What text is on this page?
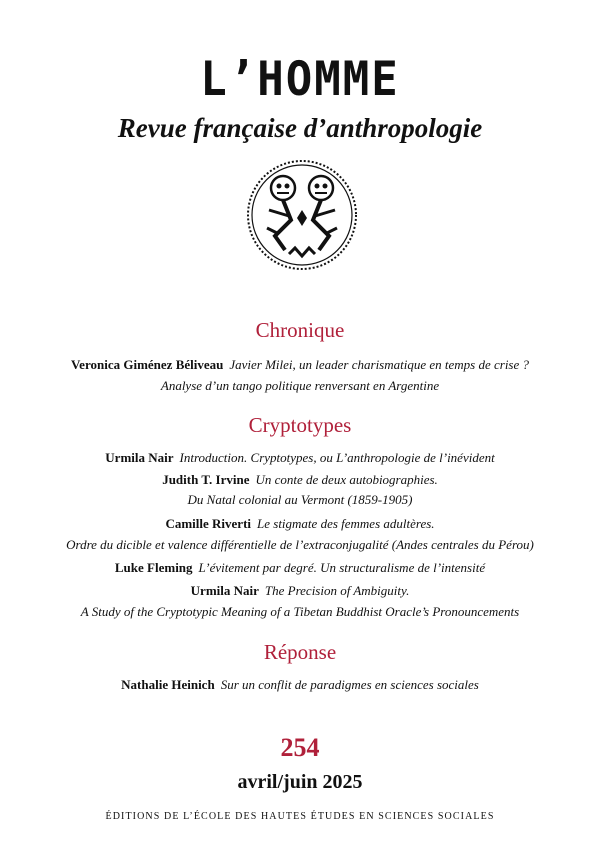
L’HOMME
Revue française d’anthropologie
Chronique
Veronica Giménez Béliveau Javier Milei, un leader charismatique en temps de crise ?
Analyse d’un tango politique renversant en Argentine
Cryptotypes
Urmila Nair Introduction. Cryptotypes, ou L’anthropologie de l’inévident
Judith T. Irvine Un conte de deux autobiographies.
Du Natal colonial au Vermont (1859-1905)
Camille Riverti Le stigmate des femmes adultères.
Ordre du dicible et valence différentielle de l’extraconjugalité (Andes centrales du Pérou)
Luke Fleming L’évitement par degré. Un structuralisme de l’intensité
Urmila Nair The Precision of Ambiguity.
A Study of the Cryptotypic Meaning of a Tibetan Buddhist Oracle’s Pronouncements
Réponse
Nathalie Heinich Sur un conflit de paradigmes en sciences sociales
254
avril/juin 2025
ÉDITIONS DE L’ÉCOLE DES HAUTES ÉTUDES EN SCIENCES SOCIALES
